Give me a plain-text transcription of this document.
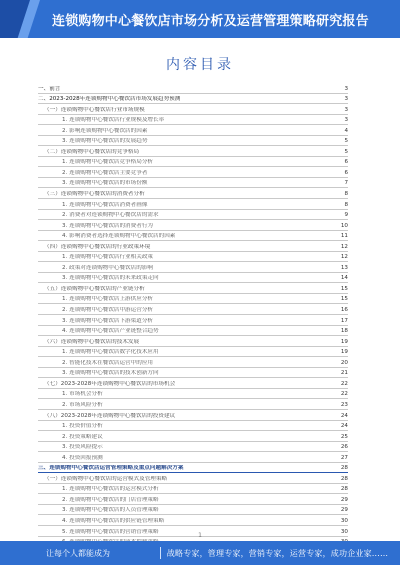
连锁购物中心餐饮店市场分析及运营管理策略研究报告
内容目录
一、前言	3
二、2023-2028年连锁购物中心餐饮店市场发展趋势预测	3
（一）连锁购物中心餐饮店行业市场规模	3
1. 连锁购物中心餐饮店行业规模及增长率	3
2. 影响连锁购物中心餐饮店的因素	4
3. 连锁购物中心餐饮店的发展趋势	5
（二）连锁购物中心餐饮店的竞争格局	5
1. 连锁购物中心餐饮店竞争格局分析	6
2. 连锁购物中心餐饮店主要竞争者	6
3. 连锁购物中心餐饮店的市场份额	7
（三）连锁购物中心餐饮店的消费者分析	8
1. 连锁购物中心餐饮店消费者画像	8
2. 消费者对连锁购物中心餐饮店的需求	9
3. 连锁购物中心餐饮店的消费者行为	10
4. 影响消费者选择连锁购物中心餐饮店的因素	11
（四）连锁购物中心餐饮店的行业政策环境	12
1. 连锁购物中心餐饮店行业相关政策	12
2. 政策对连锁购物中心餐饮店的影响	13
3. 连锁购物中心餐饮店的未来政策走向	14
（五）连锁购物中心餐饮店的产业链分析	15
1. 连锁购物中心餐饮店上游供应分析	15
2. 连锁购物中心餐饮店中游运营分析	16
3. 连锁购物中心餐饮店下游渠道分析	17
4. 连锁购物中心餐饮店产业链整合趋势	18
（六）连锁购物中心餐饮店的技术发展	19
1. 连锁购物中心餐饮店数字化技术应用	19
2. 智能化技术在餐饮店运营中的应用	20
3. 连锁购物中心餐饮店的技术创新方向	21
（七）2023-2028年连锁购物中心餐饮店的市场机会	22
1. 市场机会分析	22
2. 市场风险分析	23
（八）2023-2028年连锁购物中心餐饮店的投资建议	24
1. 投资价值分析	24
2. 投资策略建议	25
3. 投资风险提示	26
4. 投资回报预测	27
三、连锁购物中心餐饮店运营管理策略及重点问题解决方案	28
（一）连锁购物中心餐饮店的运营模式及管理策略	28
1. 连锁购物中心餐饮店的运营模式分析	28
2. 连锁购物中心餐饮店的门店管理策略	29
3. 连锁购物中心餐饮店的人员管理策略	29
4. 连锁购物中心餐饮店的供应链管理策略	30
5. 连锁购物中心餐饮店的营销管理策略	30
1
让每个人都能成为	战略专家，管理专家，营销专家，运营专家，成功企业家……
